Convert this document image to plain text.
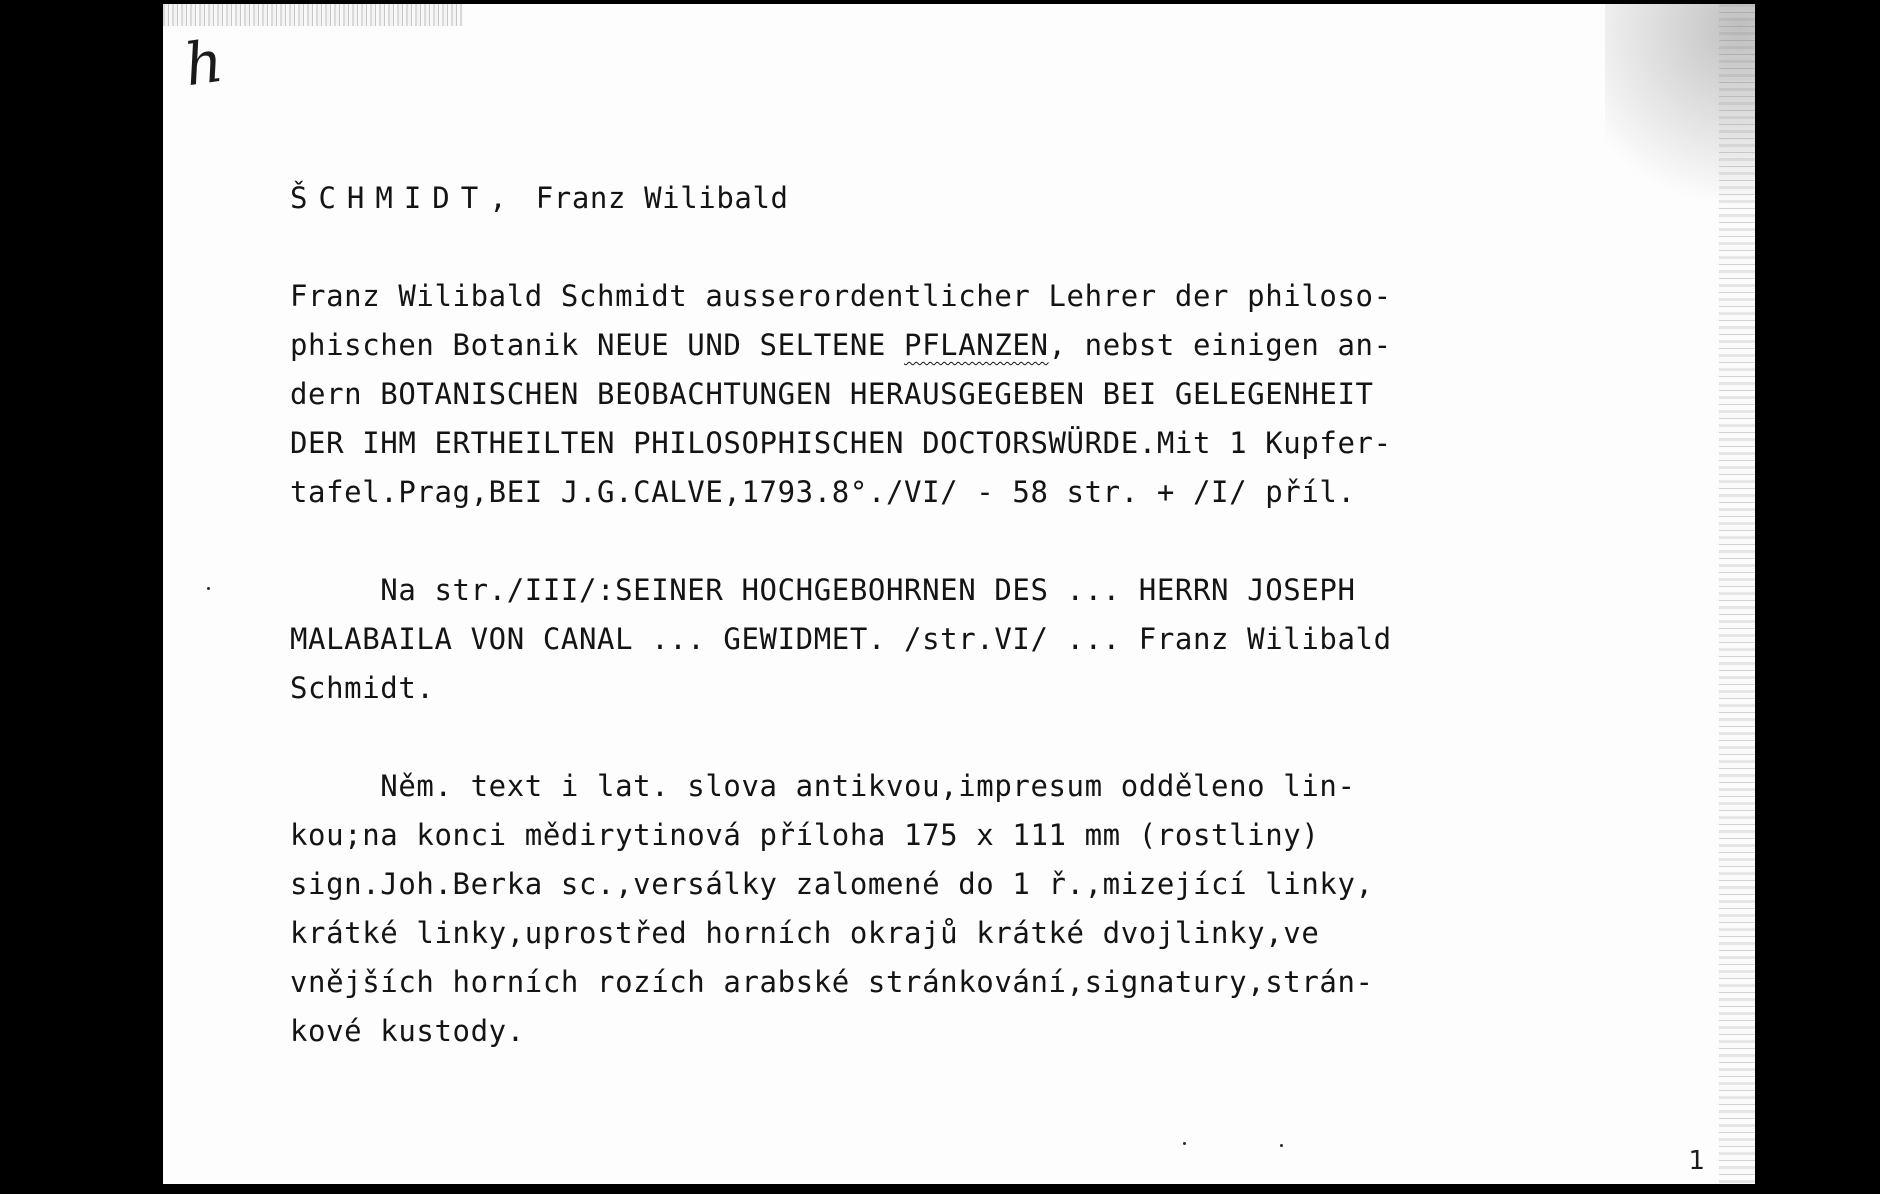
h
ŠCHMIDT, Franz Wilibald
Franz Wilibald Schmidt ausserordentlicher Lehrer der philoso-
phischen Botanik NEUE UND SELTENE PFLANZEN, nebst einigen an-
dern BOTANISCHEN BEOBACHTUNGEN HERAUSGEGEBEN BEI GELEGENHEIT
DER IHM ERTHEILTEN PHILOSOPHISCHEN DOCTORSWÜRDE.Mit 1 Kupfer-
tafel.Prag,BEI J.G.CALVE,1793.8°./VI/ - 58 str. + /I/ příl.
Na str./III/:SEINER HOCHGEBOHRNEN DES ... HERRN JOSEPH
MALABAILA VON CANAL ... GEWIDMET. /str.VI/ ... Franz Wilibald
Schmidt.
Něm. text i lat. slova antikvou,impresum odděleno lin-
kou;na konci mědirytinová příloha 175 x 111 mm (rostliny)
sign.Joh.Berka sc.,versálky zalomené do 1 ř.,mizející linky,
krátké linky,uprostřed horních okrajů krátké dvojlinky,ve
vnějších horních rozích arabské stránkování,signatury,strán-
kové kustody.
1
